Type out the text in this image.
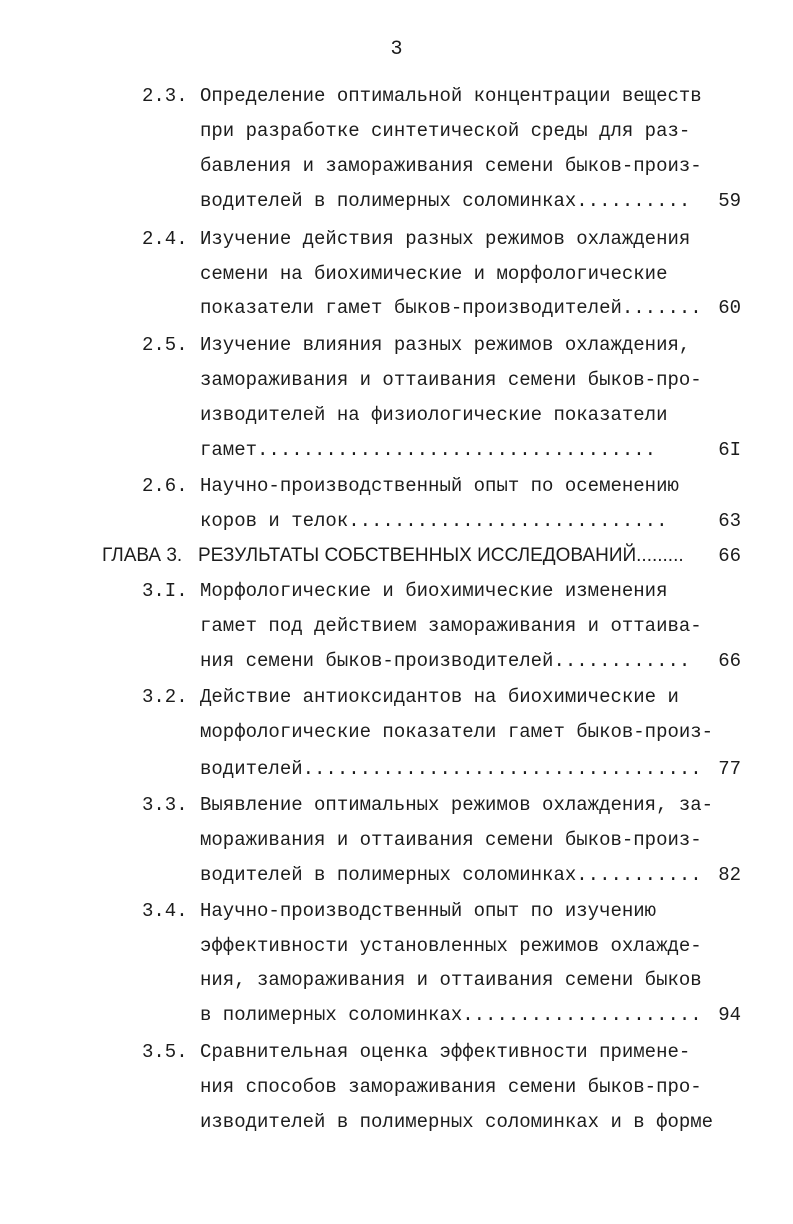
3
2.3. Определение оптимальной концентрации веществ
при разработке синтетической среды для раз-
бавления и замораживания семени быков-произ-
водителей в полимерных соломинках.......... 59
2.4. Изучение действия разных режимов охлаждения
семени на биохимические и морфологические
показатели гамет быков-производителей....... 60
2.5. Изучение влияния разных режимов охлаждения,
замораживания и оттаивания семени быков-про-
изводителей на физиологические показатели
гамет...................................	6I
2.6. Научно-производственный опыт по осеменению
коров и телок............................	63
ГЛАВА 3. РЕЗУЛЬТАТЫ СОБСТВЕННЫХ ИССЛЕДОВАНИЙ......... 66
3.I. Морфологические и биохимические изменения
гамет под действием замораживания и оттаива-
ния семени быков-производителей............ 66
3.2. Действие антиоксидантов на биохимические и
морфологические показатели гамет быков-произ-
водителей................................... 77
3.3. Выявление оптимальных режимов охлаждения, за-
мораживания и оттаивания семени быков-произ-
водителей в полимерных соломинках........... 82
3.4. Научно-производственный опыт по изучению
эффективности установленных режимов охлажде-
ния, замораживания и оттаивания семени быков
в полимерных соломинках..................... 94
3.5. Сравнительная оценка эффективности примене-
ния способов замораживания семени быков-про-
изводителей в полимерных соломинках и в форме
